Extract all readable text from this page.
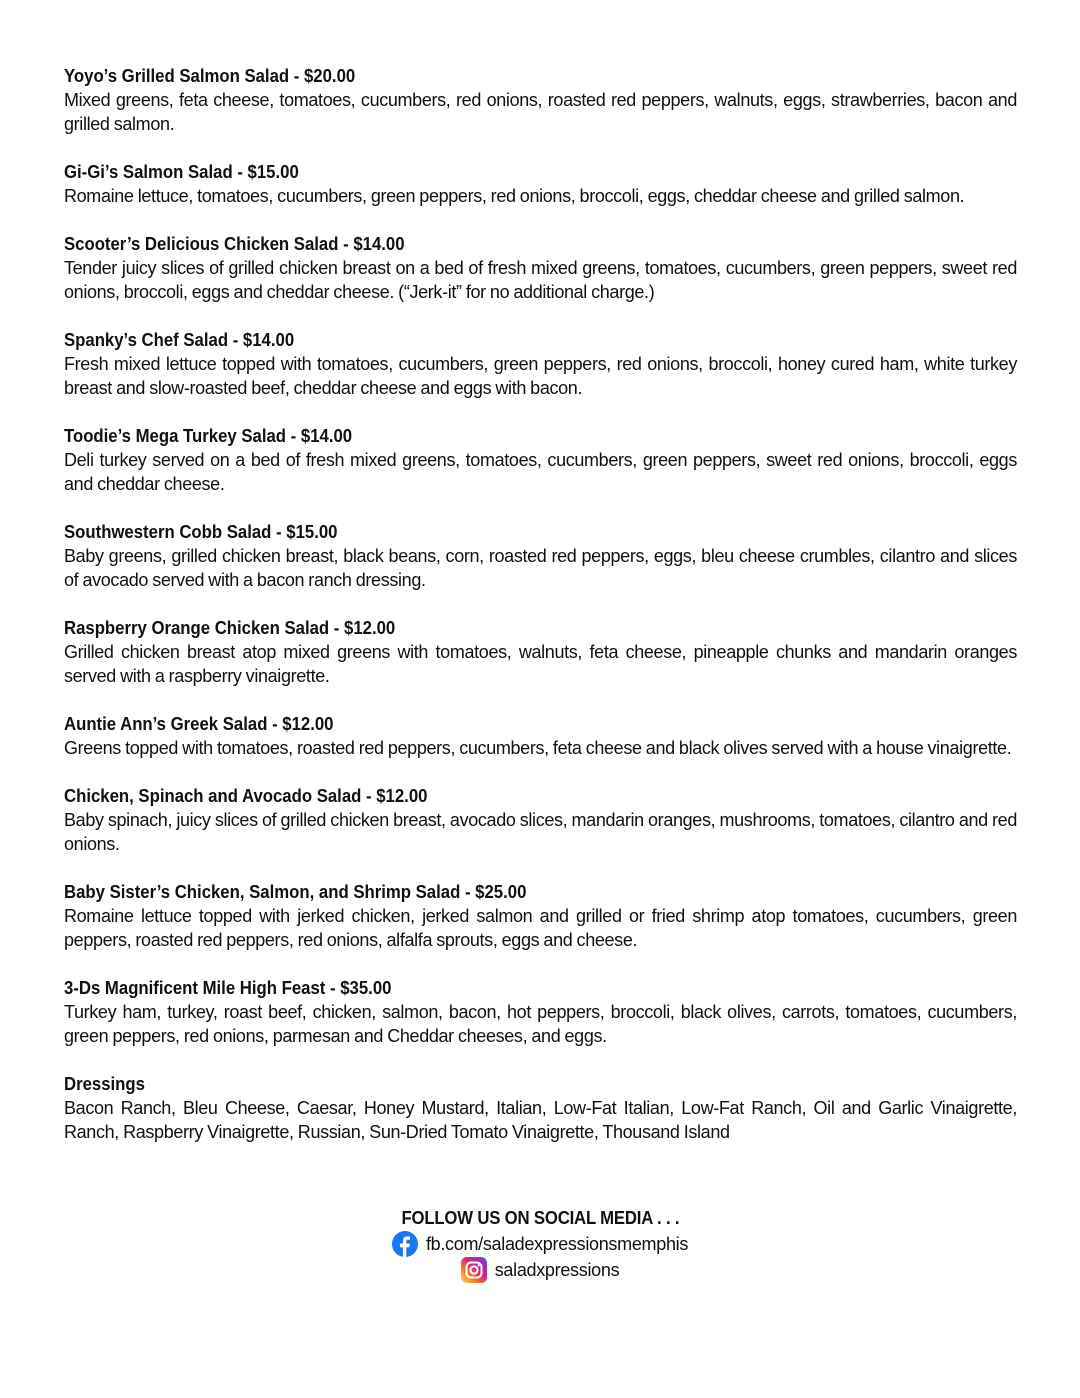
Yoyo’s Grilled Salmon Salad - $20.00
Mixed greens, feta cheese, tomatoes, cucumbers, red onions, roasted red peppers, walnuts, eggs, strawberries, bacon and grilled salmon.
Gi-Gi’s Salmon Salad - $15.00
Romaine lettuce, tomatoes, cucumbers, green peppers, red onions, broccoli, eggs, cheddar cheese and grilled salmon.
Scooter’s Delicious Chicken Salad - $14.00
Tender juicy slices of grilled chicken breast on a bed of fresh mixed greens, tomatoes, cucumbers, green peppers, sweet red onions, broccoli, eggs and cheddar cheese. (“Jerk-it” for no additional charge.)
Spanky’s Chef Salad - $14.00
Fresh mixed lettuce topped with tomatoes, cucumbers, green peppers, red onions, broccoli, honey cured ham, white turkey breast and slow-roasted beef, cheddar cheese and eggs with bacon.
Toodie’s Mega Turkey Salad - $14.00
Deli turkey served on a bed of fresh mixed greens, tomatoes, cucumbers, green peppers, sweet red onions, broccoli, eggs and cheddar cheese.
Southwestern Cobb Salad - $15.00
Baby greens, grilled chicken breast, black beans, corn, roasted red peppers, eggs, bleu cheese crumbles, cilantro and slices of avocado served with a bacon ranch dressing.
Raspberry Orange Chicken Salad - $12.00
Grilled chicken breast atop mixed greens with tomatoes, walnuts, feta cheese, pineapple chunks and mandarin oranges served with a raspberry vinaigrette.
Auntie Ann’s Greek Salad - $12.00
Greens topped with tomatoes, roasted red peppers, cucumbers, feta cheese and black olives served with a house vinaigrette.
Chicken, Spinach and Avocado Salad - $12.00
Baby spinach, juicy slices of grilled chicken breast, avocado slices, mandarin oranges, mushrooms, tomatoes, cilantro and red onions.
Baby Sister’s Chicken, Salmon, and Shrimp Salad - $25.00
Romaine lettuce topped with jerked chicken, jerked salmon and grilled or fried shrimp atop tomatoes, cucumbers, green peppers, roasted red peppers, red onions, alfalfa sprouts, eggs and cheese.
3-Ds Magnificent Mile High Feast - $35.00
Turkey ham, turkey, roast beef, chicken, salmon, bacon, hot peppers, broccoli, black olives, carrots, tomatoes, cucumbers, green peppers, red onions, parmesan and Cheddar cheeses, and eggs.
Dressings
Bacon Ranch, Bleu Cheese, Caesar, Honey Mustard, Italian, Low-Fat Italian, Low-Fat Ranch, Oil and Garlic Vinaigrette, Ranch, Raspberry Vinaigrette, Russian, Sun-Dried Tomato Vinaigrette, Thousand Island
FOLLOW US ON SOCIAL MEDIA . . .
fb.com/saladexpressionsmemphis
saladxpressions
